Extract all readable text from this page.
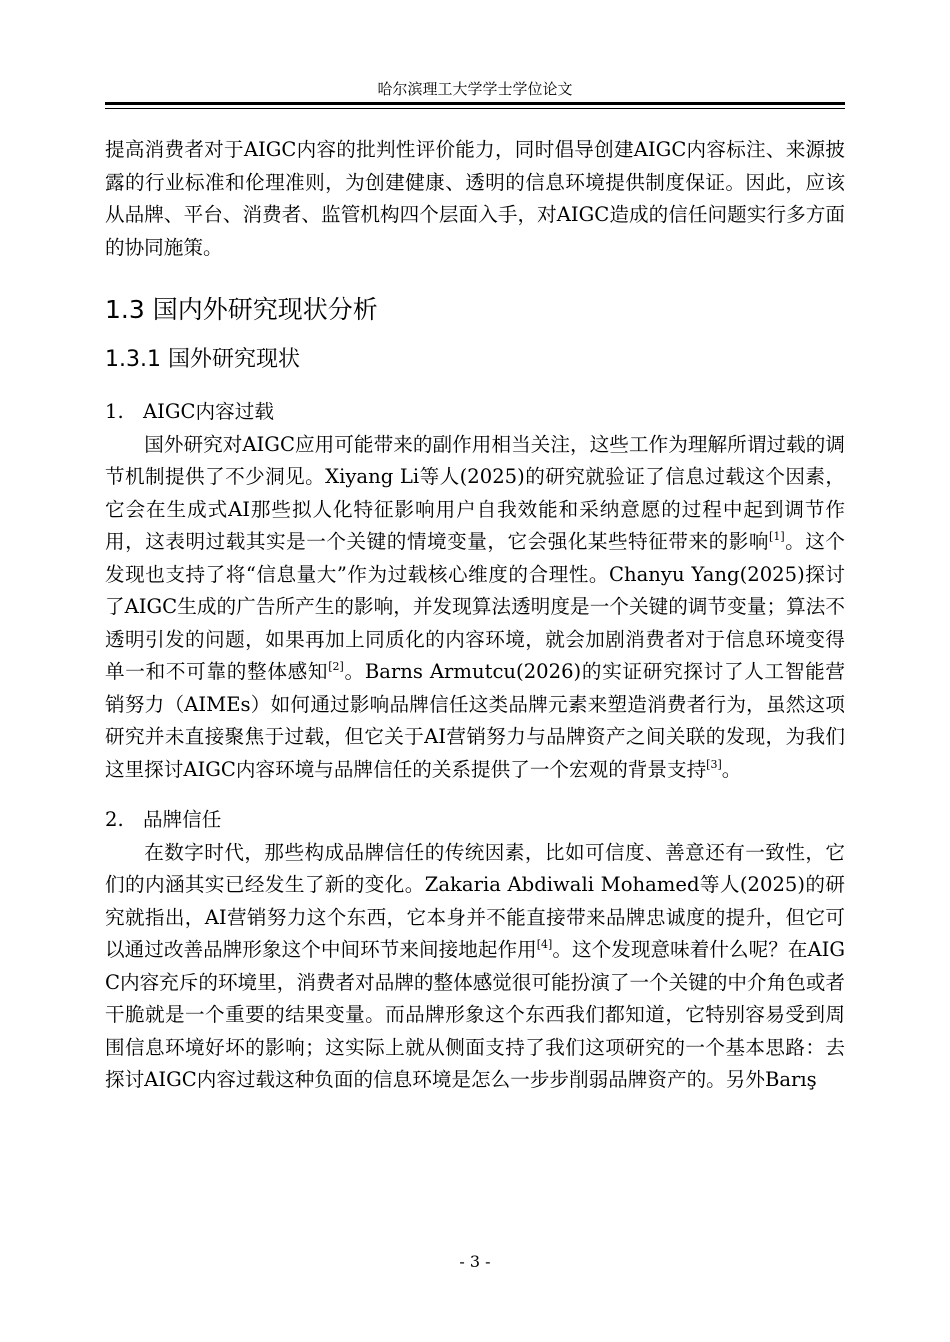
哈尔滨理工大学学士学位论文

提高消费者对于AIGC内容的批判性评价能力，同时倡导创建AIGC内容标注、来源披露的行业标准和伦理准则，为创建健康、透明的信息环境提供制度保证。因此，应该从品牌、平台、消费者、监管机构四个层面入手，对AIGC造成的信任问题实行多方面的协同施策。

1.3 国内外研究现状分析
1.3.1 国外研究现状
1. AIGC内容过载

国外研究对AIGC应用可能带来的副作用相当关注，这些工作为理解所谓过载的调节机制提供了不少洞见。Xiyang Li等人(2025)的研究就验证了信息过载这个因素，它会在生成式AI那些拟人化特征影响用户自我效能和采纳意愿的过程中起到调节作用，这表明过载其实是一个关键的情境变量，它会强化某些特征带来的影响[1]。这个发现也支持了将“信息量大”作为过载核心维度的合理性。Chanyu Yang(2025)探讨了AIGC生成的广告所产生的影响，并发现算法透明度是一个关键的调节变量；算法不透明引发的问题，如果再加上同质化的内容环境，就会加剧消费者对于信息环境变得单一和不可靠的整体感知[2]。Barns Armutcu(2026)的实证研究探讨了人工智能营销努力（AIMEs）如何通过影响品牌信任这类品牌元素来塑造消费者行为，虽然这项研究并未直接聚焦于过载，但它关于AI营销努力与品牌资产之间关联的发现，为我们这里探讨AIGC内容环境与品牌信任的关系提供了一个宏观的背景支持[3]。

2. 品牌信任

在数字时代，那些构成品牌信任的传统因素，比如可信度、善意还有一致性，它们的内涵其实已经发生了新的变化。Zakaria Abdiwali Mohamed等人(2025)的研究就指出，AI营销努力这个东西，它本身并不能直接带来品牌忠诚度的提升，但它可以通过改善品牌形象这个中间环节来间接地起作用[4]。这个发现意味着什么呢？在AIGC内容充斥的环境里，消费者对品牌的整体感觉很可能扮演了一个关键的中介角色或者干脆就是一个重要的结果变量。而品牌形象这个东西我们都知道，它特别容易受到周围信息环境好坏的影响；这实际上就从侧面支持了我们这项研究的一个基本思路：去探讨AIGC内容过载这种负面的信息环境是怎么一步步削弱品牌资产的。另外Barış

- 3 -
